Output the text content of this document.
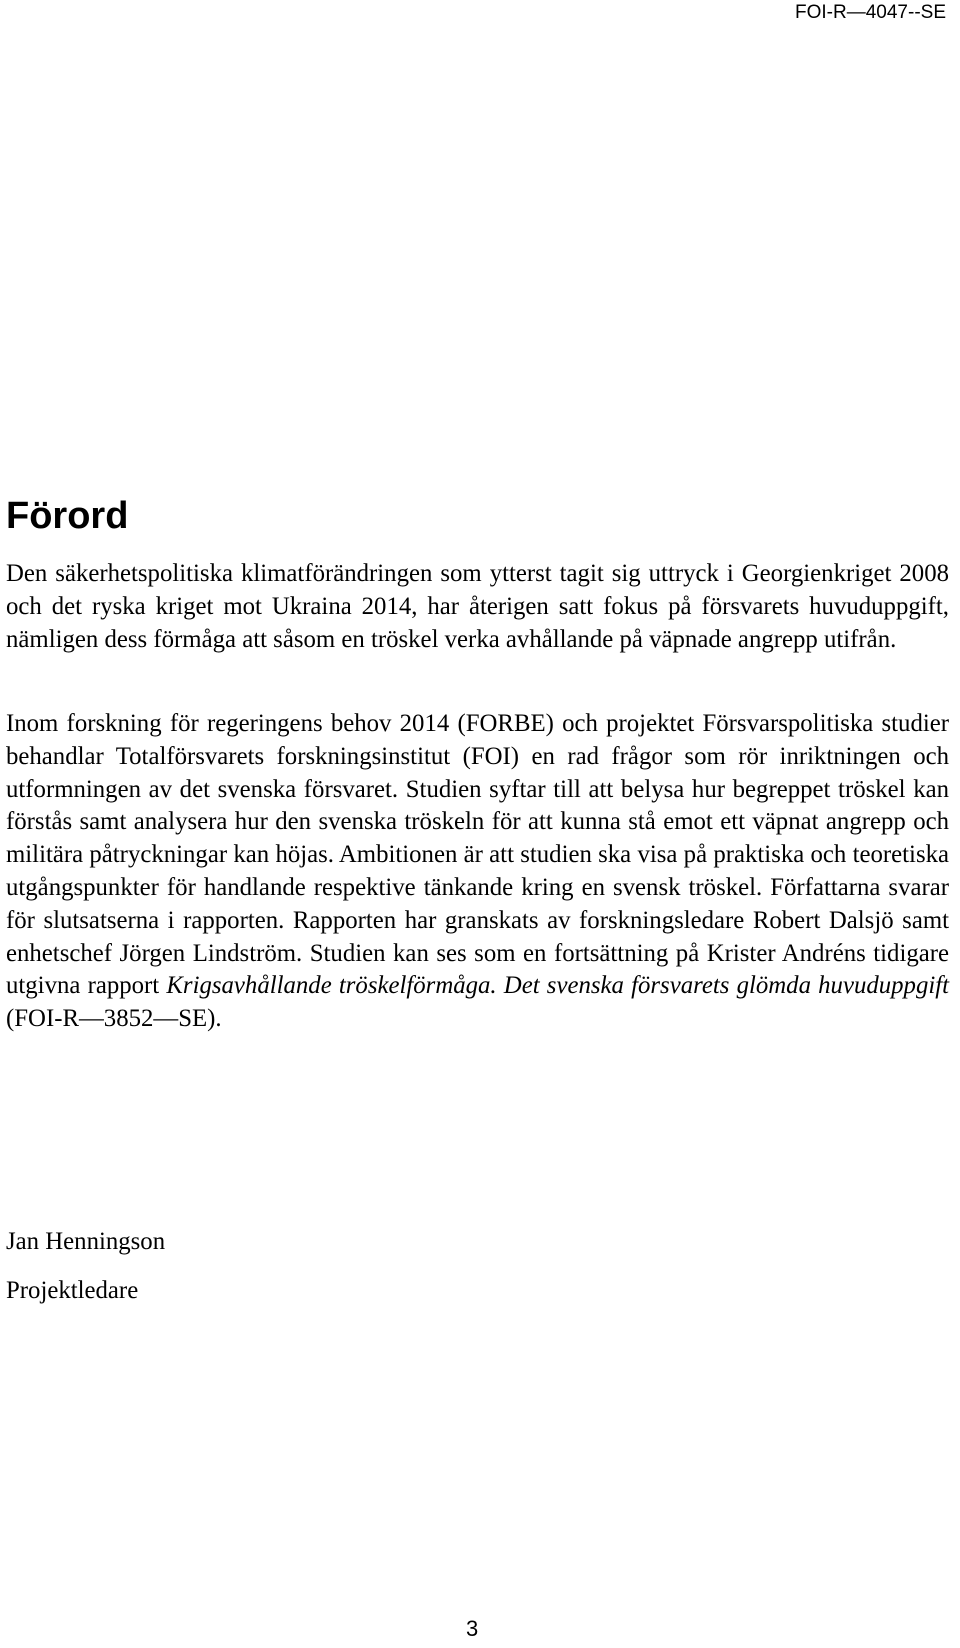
FOI-R—4047--SE
Förord

Den säkerhetspolitiska klimatförändringen som ytterst tagit sig uttryck i Georgienkriget 2008 och det ryska kriget mot Ukraina 2014, har återigen satt fokus på försvarets huvuduppgift, nämligen dess förmåga att såsom en tröskel verka avhållande på väpnade angrepp utifrån.

Inom forskning för regeringens behov 2014 (FORBE) och projektet Försvarspolitiska studier behandlar Totalförsvarets forskningsinstitut (FOI) en rad frågor som rör inriktningen och utformningen av det svenska försvaret. Studien syftar till att belysa hur begreppet tröskel kan förstås samt analysera hur den svenska tröskeln för att kunna stå emot ett väpnat angrepp och militära påtryckningar kan höjas. Ambitionen är att studien ska visa på praktiska och teoretiska utgångspunkter för handlande respektive tänkande kring en svensk tröskel. Författarna svarar för slutsatserna i rapporten. Rapporten har granskats av forskningsledare Robert Dalsjö samt enhetschef Jörgen Lindström. Studien kan ses som en fortsättning på Krister Andréns tidigare utgivna rapport Krigsavhållande tröskelförmåga. Det svenska försvarets glömda huvuduppgift (FOI-R—3852—SE).

Jan Henningson
Projektledare
3
